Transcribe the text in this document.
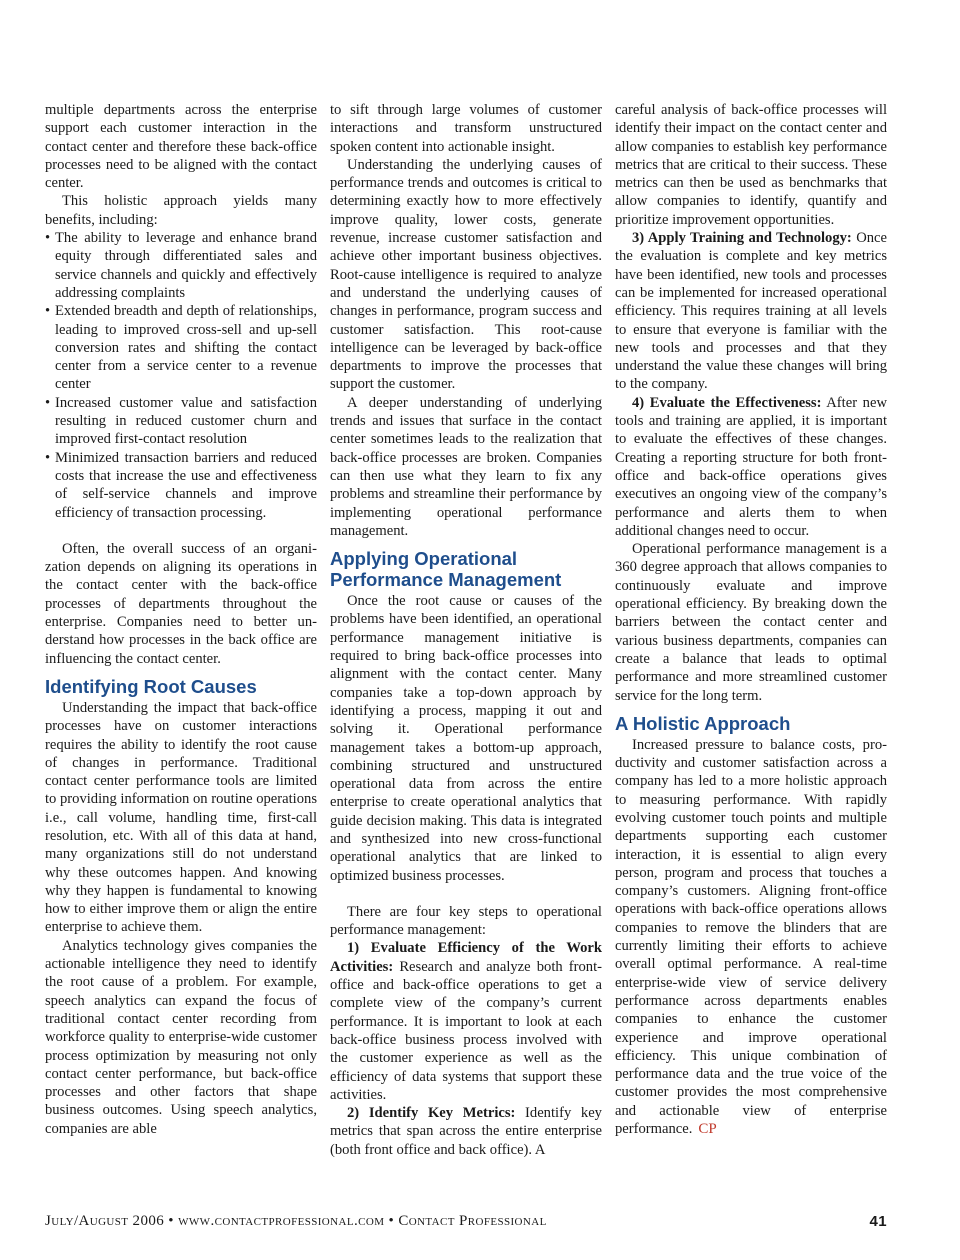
multiple departments across the enterprise support each customer interaction in the contact center and therefore these back-office processes need to be aligned with the contact center.

This holistic approach yields many benefits, including:

• The ability to leverage and enhance brand equity through differentiated sales and service channels and quickly and effectively addressing complaints
• Extended breadth and depth of relationships, leading to improved cross-sell and up-sell conversion rates and shifting the contact center from a service center to a revenue center
• Increased customer value and satisfaction resulting in reduced customer churn and improved first-contact resolution
• Minimized transaction barriers and reduced costs that increase the use and effectiveness of self-service channels and improve efficiency of transaction processing.

Often, the overall success of an organization depends on aligning its operations in the contact center with the back-office processes of departments throughout the enterprise. Companies need to better understand how processes in the back office are influencing the contact center.

Identifying Root Causes

Understanding the impact that back-office processes have on customer interactions requires the ability to identify the root cause of changes in performance. Traditional contact center performance tools are limited to providing information on routine operations i.e., call volume, handling time, first-call resolution, etc. With all of this data at hand, many organizations still do not understand why these outcomes happen. And knowing why they happen is fundamental to knowing how to either improve them or align the entire enterprise to achieve them.

Analytics technology gives companies the actionable intelligence they need to identify the root cause of a problem. For example, speech analytics can expand the focus of traditional contact center recording from workforce quality to enterprise-wide customer process optimization by measuring not only contact center performance, but back-office processes and other factors that shape business outcomes. Using speech analytics, companies are able

to sift through large volumes of customer interactions and transform unstructured spoken content into actionable insight.

Understanding the underlying causes of performance trends and outcomes is critical to determining exactly how to more effectively improve quality, lower costs, generate revenue, increase customer satisfaction and achieve other important business objectives. Root-cause intelligence is required to analyze and understand the underlying causes of changes in performance, program success and customer satisfaction. This root-cause intelligence can be leveraged by back-office departments to improve the processes that support the customer.

A deeper understanding of underlying trends and issues that surface in the contact center sometimes leads to the realization that back-office processes are broken. Companies can then use what they learn to fix any problems and streamline their performance by implementing operational performance management.

Applying Operational Performance Management

Once the root cause or causes of the problems have been identified, an operational performance management initiative is required to bring back-office processes into alignment with the contact center. Many companies take a top-down approach by identifying a process, mapping it out and solving it. Operational performance management takes a bottom-up approach, combining structured and unstructured operational data from across the entire enterprise to create operational analytics that guide decision making. This data is integrated and synthesized into new cross-functional operational analytics that are linked to optimized business processes.

There are four key steps to operational performance management:

1) Evaluate Efficiency of the Work Activities: Research and analyze both front-office and back-office operations to get a complete view of the company’s current performance. It is important to look at each back-office business process involved with the customer experience as well as the efficiency of data systems that support these activities.

2) Identify Key Metrics: Identify key metrics that span across the entire enterprise (both front office and back office). A

careful analysis of back-office processes will identify their impact on the contact center and allow companies to establish key performance metrics that are critical to their success. These metrics can then be used as benchmarks that allow companies to identify, quantify and prioritize improvement opportunities.

3) Apply Training and Technology: Once the evaluation is complete and key metrics have been identified, new tools and processes can be implemented for increased operational efficiency. This requires training at all levels to ensure that everyone is familiar with the new tools and processes and that they understand the value these changes will bring to the company.

4) Evaluate the Effectiveness: After new tools and training are applied, it is important to evaluate the effectives of these changes. Creating a reporting structure for both front-office and back-office operations gives executives an ongoing view of the company’s performance and alerts them to when additional changes need to occur.

Operational performance management is a 360 degree approach that allows companies to continuously evaluate and improve operational efficiency. By breaking down the barriers between the contact center and various business departments, companies can create a balance that leads to optimal performance and more streamlined customer service for the long term.

A Holistic Approach

Increased pressure to balance costs, productivity and customer satisfaction across a company has led to a more holistic approach to measuring performance. With rapidly evolving customer touch points and multiple departments supporting each customer interaction, it is essential to align every person, program and process that touches a company’s customers. Aligning front-office operations with back-office operations allows companies to remove the blinders that are currently limiting their efforts to achieve overall optimal performance. A real-time enterprise-wide view of service delivery performance across departments enables companies to enhance the customer experience and improve operational efficiency. This unique combination of performance data and the true voice of the customer provides the most comprehensive and actionable view of enterprise performance. CP

July/August 2006 • www.contactprofessional.com • Contact Professional	41
